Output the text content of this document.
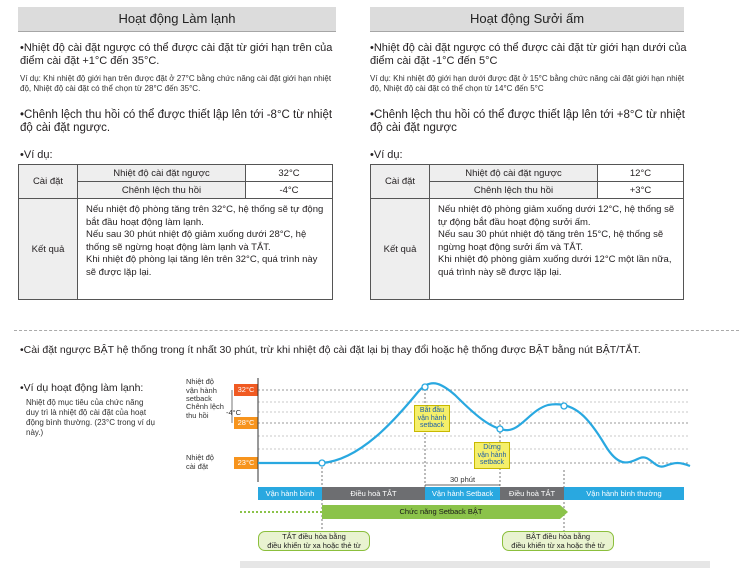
Hoạt động Làm lạnh
•Nhiệt độ cài đặt ngược có thể được cài đặt từ giới hạn trên của điểm cài đặt +1°C đến 35°C.
Ví dụ: Khi nhiệt độ giới hạn trên được đặt ở 27°C bằng chức năng cài đặt giới hạn nhiệt độ, Nhiệt độ cài đặt có thể chọn từ 28°C đến 35°C.
•Chênh lệch thu hồi có thể được thiết lập lên tới -8°C từ nhiệt độ cài đặt ngược.
•Ví dụ:
Cài đặt	Nhiệt độ cài đặt ngược	32°C
	Chênh lệch thu hồi	-4°C
Kết quả	Nếu nhiệt độ phòng tăng trên 32°C, hệ thống sẽ tự động bắt đầu hoạt động làm lạnh.
Nếu sau 30 phút nhiệt độ giảm xuống dưới 28°C, hệ thống sẽ ngừng hoạt động làm lạnh và TẮT.
Khi nhiệt độ phòng lại tăng lên trên 32°C, quá trình này sẽ được lặp lại.	
Hoạt động Sưởi ấm
•Nhiệt độ cài đặt ngược có thể được cài đặt từ giới hạn dưới của điểm cài đặt -1°C đến 5°C
Ví dụ: Khi nhiệt độ giới hạn dưới được đặt ở 15°C bằng chức năng cài đặt giới hạn nhiệt độ, Nhiệt độ cài đặt có thể chọn từ 14°C đến 5°C
•Chênh lệch thu hồi có thể được thiết lập lên tới +8°C từ nhiệt độ cài đặt ngược
•Ví dụ:
Cài đặt	Nhiệt độ cài đặt ngược	12°C
	Chênh lệch thu hồi	+3°C
Kết quả	Nếu nhiệt độ phòng giảm xuống dưới 12°C, hệ thống sẽ tự động bắt đầu hoạt động sưởi ấm.
Nếu sau 30 phút nhiệt độ tăng trên 15°C, hệ thống sẽ ngừng hoạt động sưởi ấm và TẮT.
Khi nhiệt độ phòng giảm xuống dưới 12°C một lần nữa, quá trình này sẽ được lặp lại.	
•Cài đặt ngược BẬT hệ thống trong ít nhất 30 phút, trừ khi nhiệt độ cài đặt lại bị thay đổi hoặc hệ thống được BẬT bằng nút BẬT/TẮT.
•Ví dụ hoạt động làm lạnh:
Nhiệt độ mục tiêu của chức năng duy trì là nhiệt độ cài đặt của hoạt động bình thường. (23°C trong ví dụ này.)
Nhiệt độ
vận hành
setback
Chênh lệch
thu hồi
Nhiệt độ
cài đặt
-4°C
32°C
28°C
23°C
30 phút
Vận hành bình thường
Điều hoà TẮT	Vận hành Setback	Điều hoà TẮT	Vận hành bình thường
Chức năng Setback BẬT
Bắt đầu
vận hành
setback
Dừng
vận hành
setback
TẮT điều hòa bằng
điều khiển từ xa hoặc thẻ từ
BẬT điều hòa bằng
điều khiển từ xa hoặc thẻ từ
